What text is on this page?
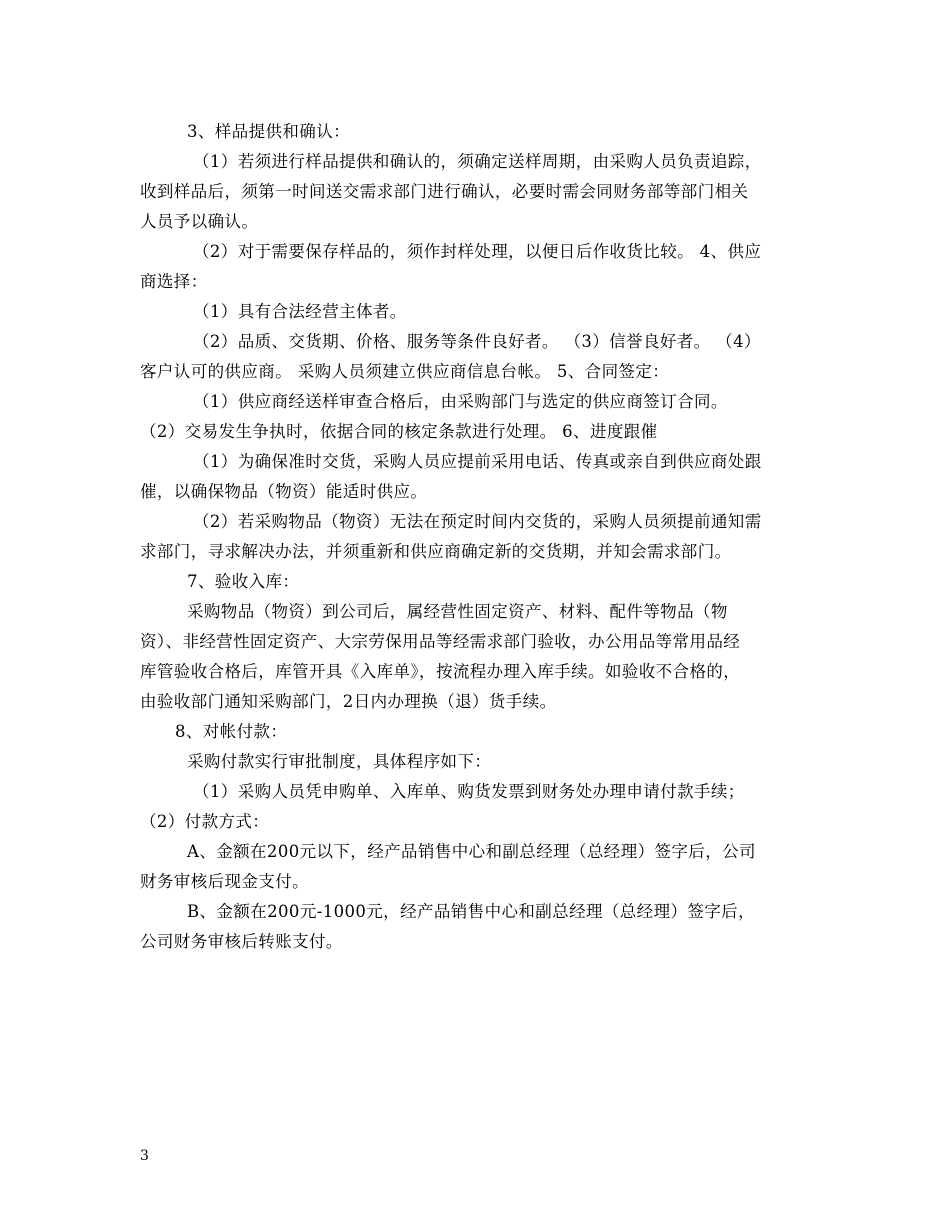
3、样品提供和确认：
（1）若须进行样品提供和确认的，须确定送样周期，由采购人员负责追踪，
收到样品后，须第一时间送交需求部门进行确认，必要时需会同财务部等部门相关
人员予以确认。
（2）对于需要保存样品的，须作封样处理，以便日后作收货比较。 4、供应
商选择：
（1）具有合法经营主体者。
（2）品质、交货期、价格、服务等条件良好者。 （3）信誉良好者。 （4）
客户认可的供应商。 采购人员须建立供应商信息台帐。 5、合同签定：
（1）供应商经送样审查合格后，由采购部门与选定的供应商签订合同。
（2）交易发生争执时，依据合同的核定条款进行处理。 6、进度跟催
（1）为确保准时交货，采购人员应提前采用电话、传真或亲自到供应商处跟
催，以确保物品（物资）能适时供应。
（2）若采购物品（物资）无法在预定时间内交货的，采购人员须提前通知需
求部门，寻求解决办法，并须重新和供应商确定新的交货期，并知会需求部门。
7、验收入库：
采购物品（物资）到公司后，属经营性固定资产、材料、配件等物品（物
资）、非经营性固定资产、大宗劳保用品等经需求部门验收，办公用品等常用品经
库管验收合格后，库管开具《入库单》，按流程办理入库手续。如验收不合格的，
由验收部门通知采购部门，2日内办理换（退）货手续。
8、对帐付款：
采购付款实行审批制度，具体程序如下：
（1）采购人员凭申购单、入库单、购货发票到财务处办理申请付款手续；
（2）付款方式：
A、金额在200元以下，经产品销售中心和副总经理（总经理）签字后，公司
财务审核后现金支付。
B、金额在200元-1000元，经产品销售中心和副总经理（总经理）签字后，
公司财务审核后转账支付。
3
